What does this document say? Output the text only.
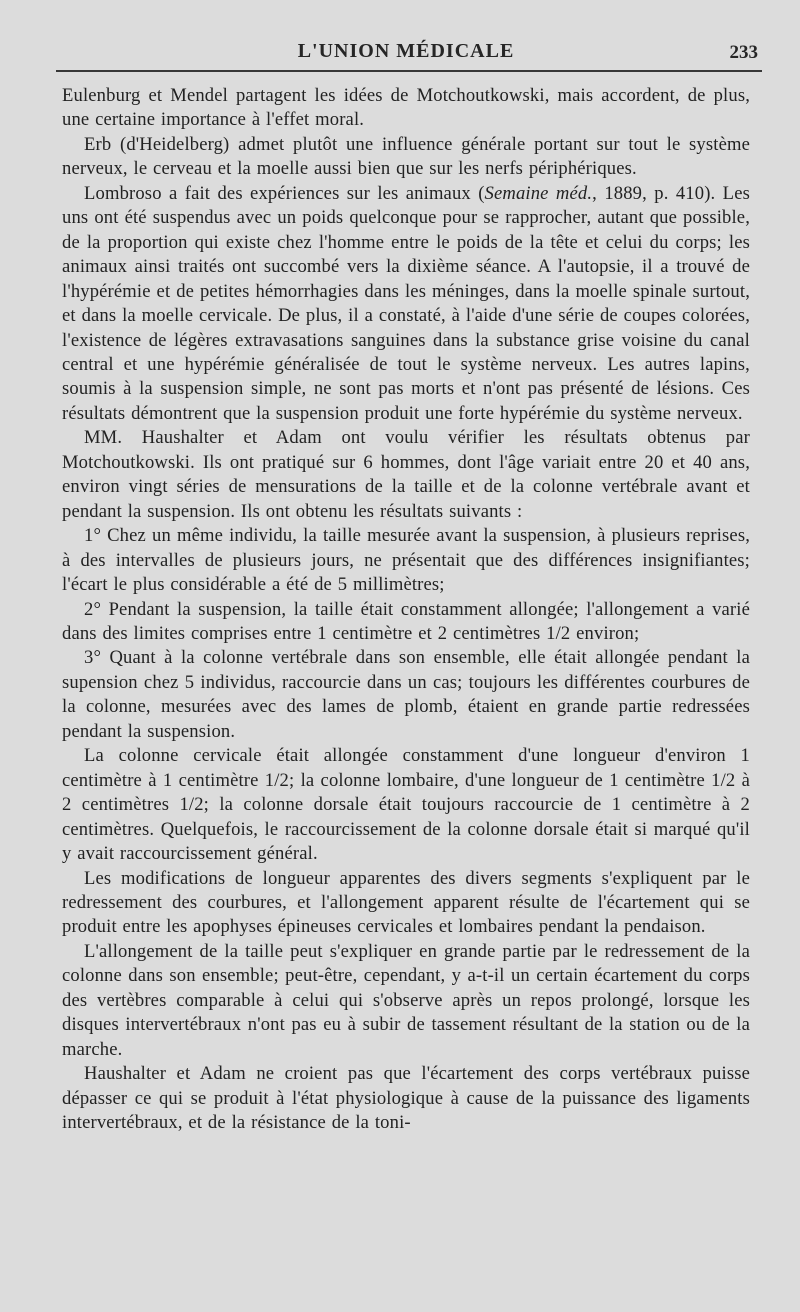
L'UNION MÉDICALE	233

Eulenburg et Mendel partagent les idées de Motchoutkowski, mais accordent, de plus, une certaine importance à l'effet moral.

Erb (d'Heidelberg) admet plutôt une influence générale portant sur tout le système nerveux, le cerveau et la moelle aussi bien que sur les nerfs périphériques.

Lombroso a fait des expériences sur les animaux (Semaine méd., 1889, p. 410). Les uns ont été suspendus avec un poids quelconque pour se rapprocher, autant que possible, de la proportion qui existe chez l'homme entre le poids de la tête et celui du corps; les animaux ainsi traités ont succombé vers la dixième séance. A l'autopsie, il a trouvé de l'hypérémie et de petites hémorrhagies dans les méninges, dans la moelle spinale surtout, et dans la moelle cervicale. De plus, il a constaté, à l'aide d'une série de coupes colorées, l'existence de légères extravasations sanguines dans la substance grise voisine du canal central et une hypérémie généralisée de tout le système nerveux. Les autres lapins, soumis à la suspension simple, ne sont pas morts et n'ont pas présenté de lésions. Ces résultats démontrent que la suspension produit une forte hypérémie du système nerveux.

MM. Haushalter et Adam ont voulu vérifier les résultats obtenus par Motchoutkowski. Ils ont pratiqué sur 6 hommes, dont l'âge variait entre 20 et 40 ans, environ vingt séries de mensurations de la taille et de la colonne vertébrale avant et pendant la suspension. Ils ont obtenu les résultats suivants :

1° Chez un même individu, la taille mesurée avant la suspension, à plusieurs reprises, à des intervalles de plusieurs jours, ne présentait que des différences insignifiantes; l'écart le plus considérable a été de 5 millimètres;

2° Pendant la suspension, la taille était constamment allongée; l'allongement a varié dans des limites comprises entre 1 centimètre et 2 centimètres 1/2 environ;

3° Quant à la colonne vertébrale dans son ensemble, elle était allongée pendant la supension chez 5 individus, raccourcie dans un cas; toujours les différentes courbures de la colonne, mesurées avec des lames de plomb, étaient en grande partie redressées pendant la suspension.

La colonne cervicale était allongée constamment d'une longueur d'environ 1 centimètre à 1 centimètre 1/2; la colonne lombaire, d'une longueur de 1 centimètre 1/2 à 2 centimètres 1/2; la colonne dorsale était toujours raccourcie de 1 centimètre à 2 centimètres. Quelquefois, le raccourcissement de la colonne dorsale était si marqué qu'il y avait raccourcissement général.

Les modifications de longueur apparentes des divers segments s'expliquent par le redressement des courbures, et l'allongement apparent résulte de l'écartement qui se produit entre les apophyses épineuses cervicales et lombaires pendant la pendaison.

L'allongement de la taille peut s'expliquer en grande partie par le redressement de la colonne dans son ensemble; peut-être, cependant, y a-t-il un certain écartement du corps des vertèbres comparable à celui qui s'observe après un repos prolongé, lorsque les disques intervertébraux n'ont pas eu à subir de tassement résultant de la station ou de la marche.

Haushalter et Adam ne croient pas que l'écartement des corps vertébraux puisse dépasser ce qui se produit à l'état physiologique à cause de la puissance des ligaments intervertébraux, et de la résistance de la toni-
